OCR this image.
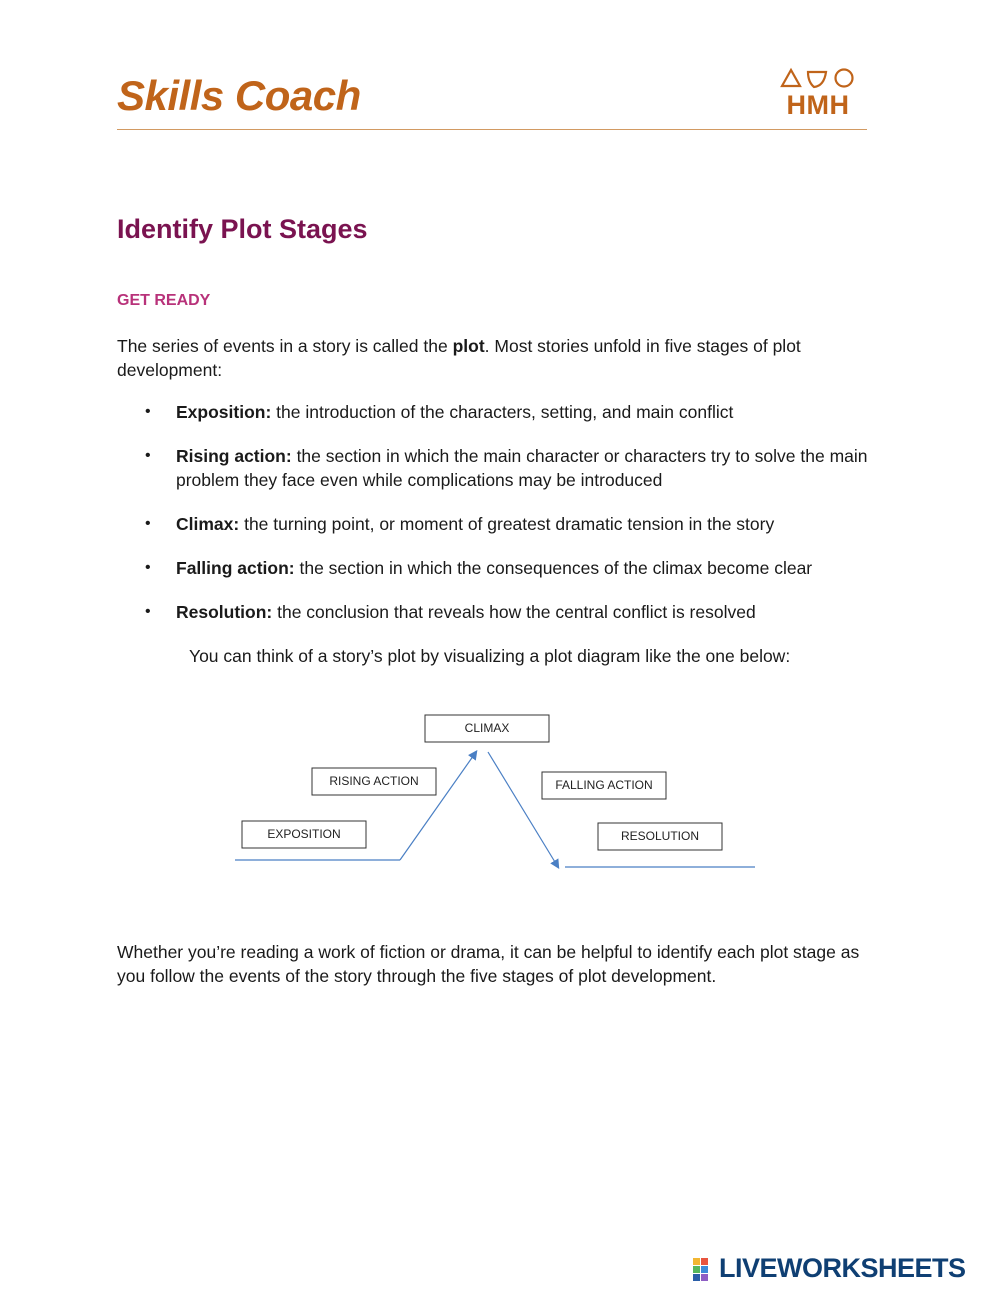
Skills Coach	HMH
Identify Plot Stages
GET READY

The series of events in a story is called the plot. Most stories unfold in five stages of plot development:

• Exposition: the introduction of the characters, setting, and main conflict
• Rising action: the section in which the main character or characters try to solve the main problem they face even while complications may be introduced
• Climax: the turning point, or moment of greatest dramatic tension in the story
• Falling action: the section in which the consequences of the climax become clear
• Resolution: the conclusion that reveals how the central conflict is resolved

You can think of a story’s plot by visualizing a plot diagram like the one below:

CLIMAX
RISING ACTION	FALLING ACTION
EXPOSITION	RESOLUTION

Whether you’re reading a work of fiction or drama, it can be helpful to identify each plot stage as you follow the events of the story through the five stages of plot development.

LIVEWORKSHEETS
